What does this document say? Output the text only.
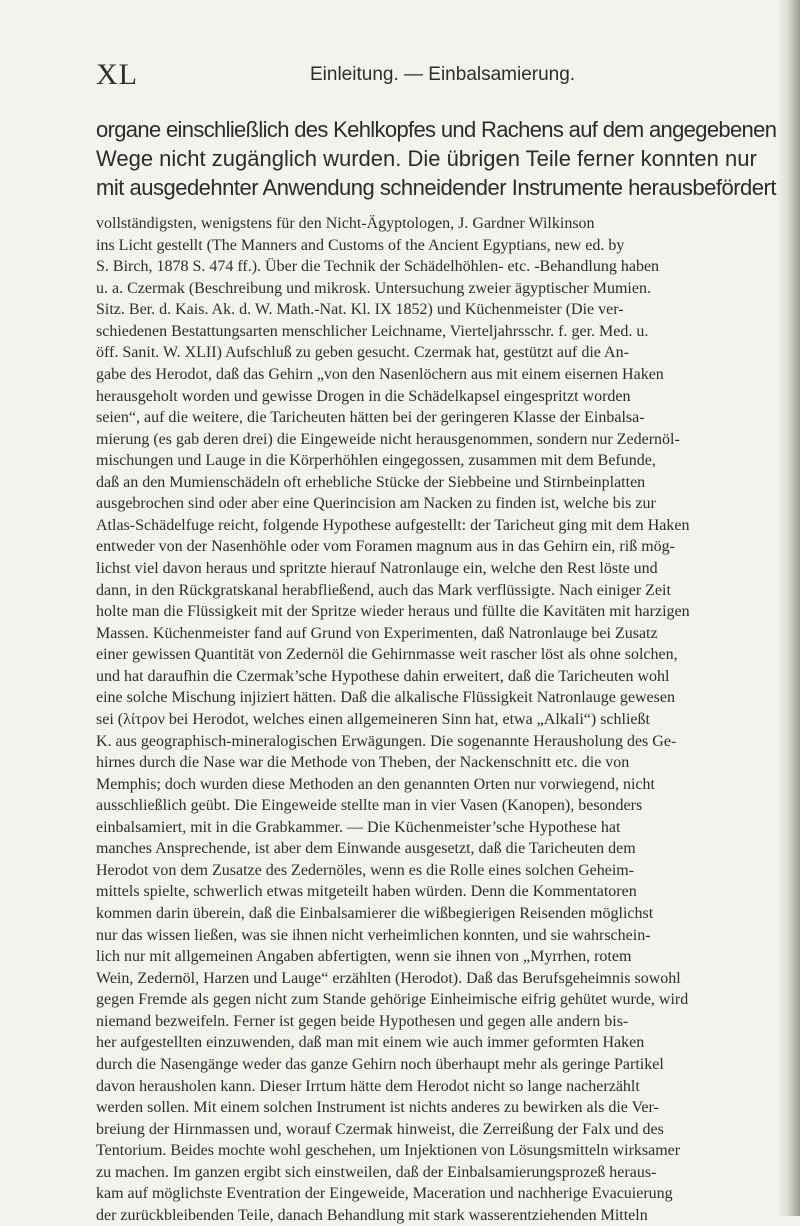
XL	Einleitung. — Einbalsamierung.
organe einschließlich des Kehlkopfes und Rachens auf dem angegebenen
Wege nicht zugänglich wurden. Die übrigen Teile ferner konnten nur
mit ausgedehnter Anwendung schneidender Instrumente herausbefördert
vollständigsten, wenigstens für den Nicht-Ägyptologen, J. Gardner Wilkinson
ins Licht gestellt (The Manners and Customs of the Ancient Egyptians, new ed. by
S. Birch, 1878 S. 474 ff.). Über die Technik der Schädelhöhlen- etc. -Behandlung haben
u. a. Czermak (Beschreibung und mikrosk. Untersuchung zweier ägyptischer Mumien.
Sitz. Ber. d. Kais. Ak. d. W. Math.-Nat. Kl. IX 1852) und Küchenmeister (Die ver-
schiedenen Bestattungsarten menschlicher Leichname, Vierteljahrsschr. f. ger. Med. u.
öff. Sanit. W. XLII) Aufschluß zu geben gesucht. Czermak hat, gestützt auf die An-
gabe des Herodot, daß das Gehirn „von den Nasenlöchern aus mit einem eisernen Haken
herausgeholt worden und gewisse Drogen in die Schädelkapsel eingespritzt worden
seien“, auf die weitere, die Taricheuten hätten bei der geringeren Klasse der Einbalsa-
mierung (es gab deren drei) die Eingeweide nicht herausgenommen, sondern nur Zedernöl-
mischungen und Lauge in die Körperhöhlen eingegossen, zusammen mit dem Befunde,
daß an den Mumienschädeln oft erhebliche Stücke der Siebbeine und Stirnbeinplatten
ausgebrochen sind oder aber eine Querincision am Nacken zu finden ist, welche bis zur
Atlas-Schädelfuge reicht, folgende Hypothese aufgestellt: der Taricheut ging mit dem Haken
entweder von der Nasenhöhle oder vom Foramen magnum aus in das Gehirn ein, riß mög-
lichst viel davon heraus und spritzte hierauf Natronlauge ein, welche den Rest löste und
dann, in den Rückgratskanal herabfließend, auch das Mark verflüssigte. Nach einiger Zeit
holte man die Flüssigkeit mit der Spritze wieder heraus und füllte die Kavitäten mit harzigen
Massen. Küchenmeister fand auf Grund von Experimenten, daß Natronlauge bei Zusatz
einer gewissen Quantität von Zedernöl die Gehirnmasse weit rascher löst als ohne solchen,
und hat daraufhin die Czermak’sche Hypothese dahin erweitert, daß die Taricheuten wohl
eine solche Mischung injiziert hätten. Daß die alkalische Flüssigkeit Natronlauge gewesen
sei (λίτρον bei Herodot, welches einen allgemeineren Sinn hat, etwa „Alkali“) schließt
K. aus geographisch-mineralogischen Erwägungen. Die sogenannte Herausholung des Ge-
hirnes durch die Nase war die Methode von Theben, der Nackenschnitt etc. die von
Memphis; doch wurden diese Methoden an den genannten Orten nur vorwiegend, nicht
ausschließlich geübt. Die Eingeweide stellte man in vier Vasen (Kanopen), besonders
einbalsamiert, mit in die Grabkammer. — Die Küchenmeister’sche Hypothese hat
manches Ansprechende, ist aber dem Einwande ausgesetzt, daß die Taricheuten dem
Herodot von dem Zusatze des Zedernöles, wenn es die Rolle eines solchen Geheim-
mittels spielte, schwerlich etwas mitgeteilt haben würden. Denn die Kommentatoren
kommen darin überein, daß die Einbalsamierer die wißbegierigen Reisenden möglichst
nur das wissen ließen, was sie ihnen nicht verheimlichen konnten, und sie wahrschein-
lich nur mit allgemeinen Angaben abfertigten, wenn sie ihnen von „Myrrhen, rotem
Wein, Zedernöl, Harzen und Lauge“ erzählten (Herodot). Daß das Berufsgeheimnis sowohl
gegen Fremde als gegen nicht zum Stande gehörige Einheimische eifrig gehütet wurde, wird
niemand bezweifeln. Ferner ist gegen beide Hypothesen und gegen alle andern bis-
her aufgestellten einzuwenden, daß man mit einem wie auch immer geformten Haken
durch die Nasengänge weder das ganze Gehirn noch überhaupt mehr als geringe Partikel
davon herausholen kann. Dieser Irrtum hätte dem Herodot nicht so lange nacherzählt
werden sollen. Mit einem solchen Instrument ist nichts anderes zu bewirken als die Ver-
breiung der Hirnmassen und, worauf Czermak hinweist, die Zerreißung der Falx und des
Tentorium. Beides mochte wohl geschehen, um Injektionen von Lösungsmitteln wirksamer
zu machen. Im ganzen ergibt sich einstweilen, daß der Einbalsamierungsprozeß heraus-
kam auf möglichste Eventration der Eingeweide, Maceration und nachherige Evacuierung
der zurückbleibenden Teile, danach Behandlung mit stark wasserentziehenden Mitteln
